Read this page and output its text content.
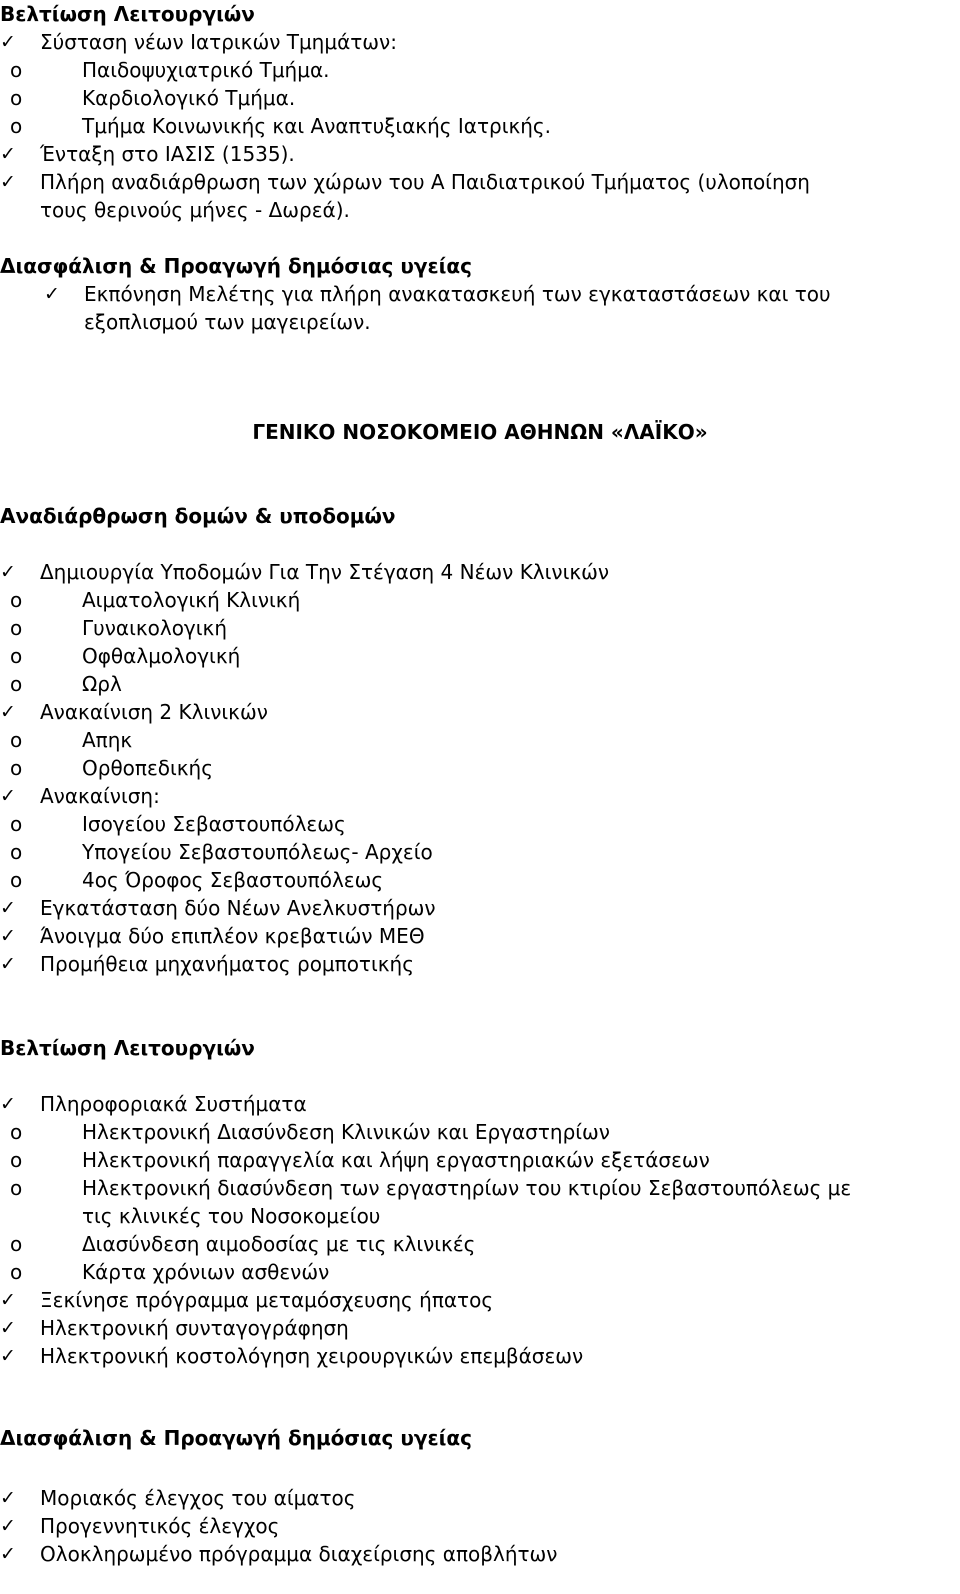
Βελτίωση Λειτουργιών
✓ Σύσταση νέων Ιατρικών Τμημάτων:
o	Παιδοψυχιατρικό Τμήμα.
o	Καρδιολογικό Τμήμα.
o	Τμήμα Κοινωνικής και Αναπτυξιακής Ιατρικής.
✓ Ένταξη στο ΙΑΣΙΣ (1535).
✓ Πλήρη αναδιάρθρωση των χώρων του Α Παιδιατρικού Τμήματος (υλοποίηση
τους θερινούς μήνες - Δωρεά).
Διασφάλιση & Προαγωγή δημόσιας υγείας
✓ Εκπόνηση Μελέτης για πλήρη ανακατασκευή των εγκαταστάσεων και του
εξοπλισμού των μαγειρείων.
ΓΕΝΙΚΟ ΝΟΣΟΚΟΜΕΙΟ ΑΘΗΝΩΝ «ΛΑΪΚΟ»
Αναδιάρθρωση δομών & υποδομών
✓ Δημιουργία Υποδομών Για Την Στέγαση 4 Νέων Κλινικών
o	Αιματολογική Κλινική
o	Γυναικολογική
o	Οφθαλμολογική
o	Ωρλ
✓ Ανακαίνιση 2 Κλινικών
o	Απηκ
o	Ορθοπεδικής
✓ Ανακαίνιση:
o	Ισογείου Σεβαστουπόλεως
o	Υπογείου Σεβαστουπόλεως- Αρχείο
o	4ος Όροφος Σεβαστουπόλεως
✓ Εγκατάσταση δύο Νέων Ανελκυστήρων
✓ Άνοιγμα δύο επιπλέον κρεβατιών ΜΕΘ
✓ Προμήθεια μηχανήματος ρομποτικής
Βελτίωση Λειτουργιών
✓ Πληροφοριακά Συστήματα
o	Ηλεκτρονική Διασύνδεση Κλινικών και Εργαστηρίων
o	Ηλεκτρονική παραγγελία και λήψη εργαστηριακών εξετάσεων
o	Ηλεκτρονική διασύνδεση των εργαστηρίων του κτιρίου Σεβαστουπόλεως με
τις κλινικές του Νοσοκομείου
o	Διασύνδεση αιμοδοσίας με τις κλινικές
o	Κάρτα χρόνιων ασθενών
✓ Ξεκίνησε πρόγραμμα μεταμόσχευσης ήπατος
✓ Ηλεκτρονική συνταγογράφηση
✓ Ηλεκτρονική κοστολόγηση χειρουργικών επεμβάσεων
Διασφάλιση & Προαγωγή δημόσιας υγείας
✓ Μοριακός έλεγχος του αίματος
✓ Προγεννητικός έλεγχος
✓ Ολοκληρωμένο πρόγραμμα διαχείρισης αποβλήτων
